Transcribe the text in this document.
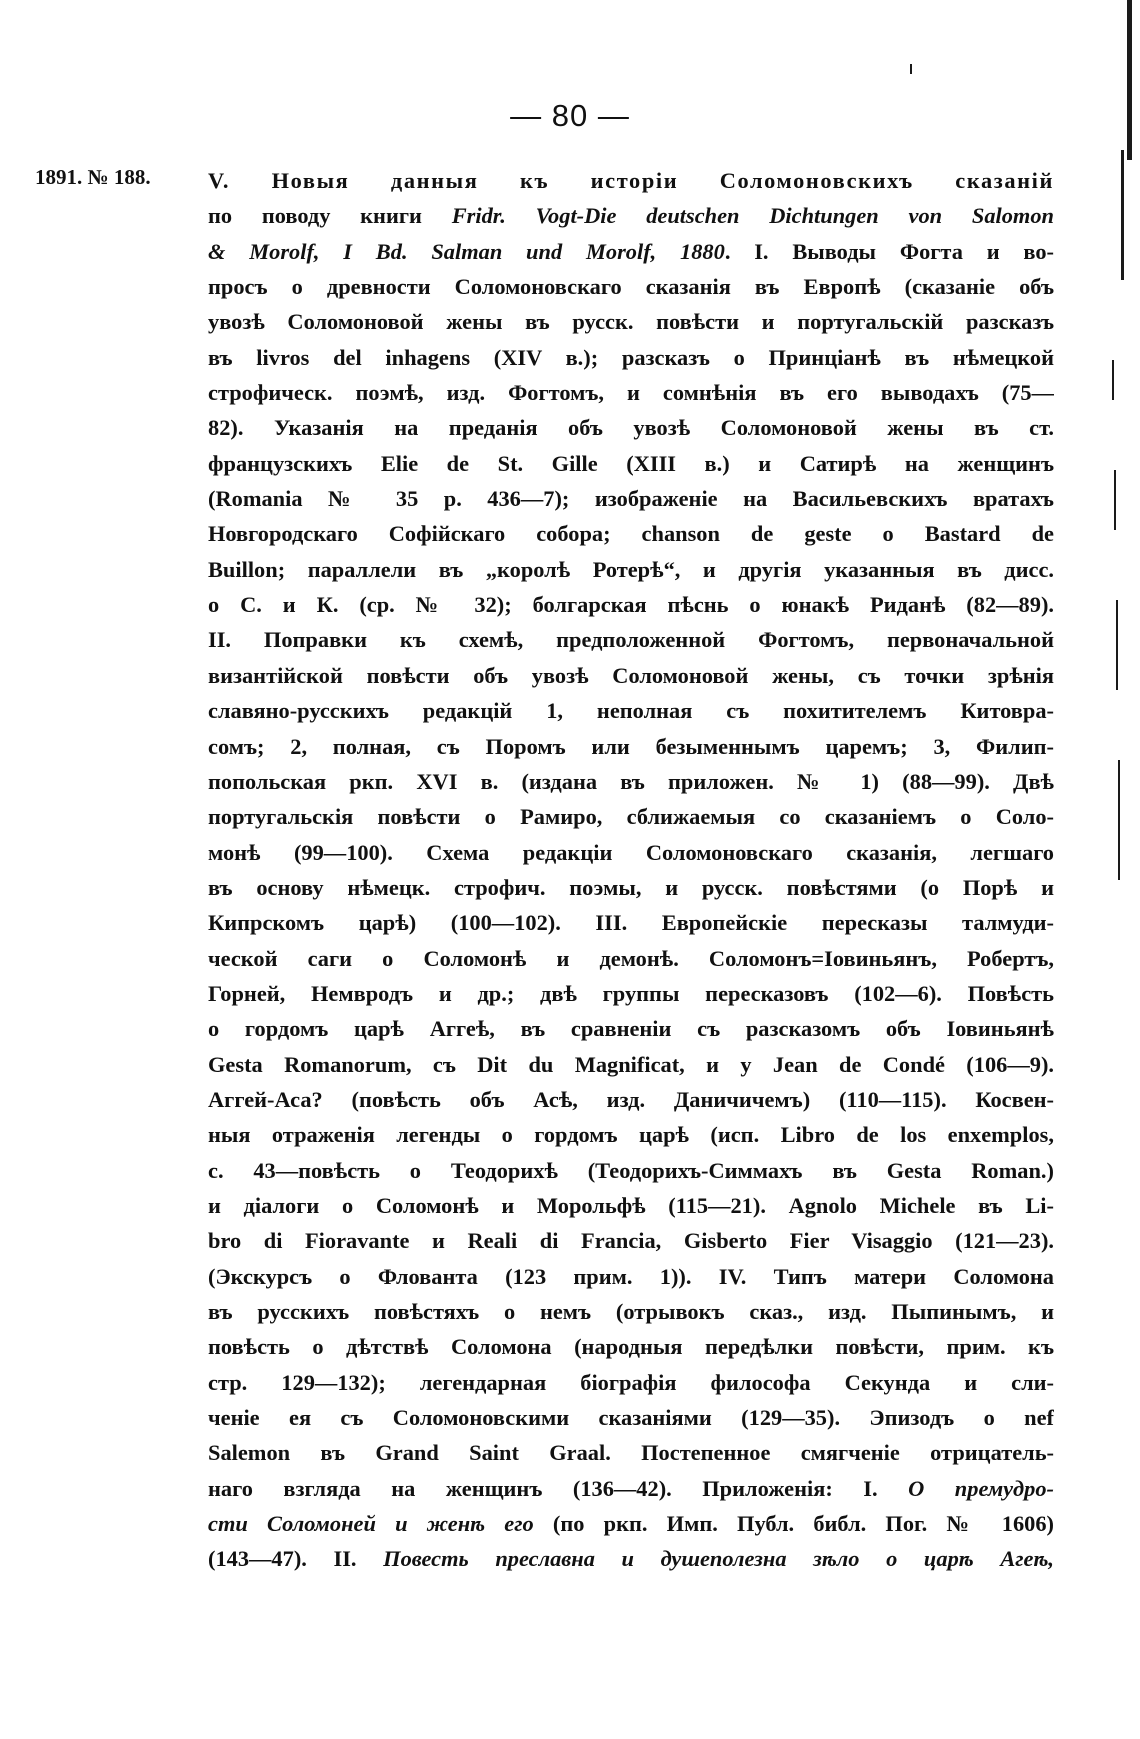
— 80 —
1891. № 188.	V. Новыя данныя къ исторіи Соломоновскихъ сказаній
по поводу книги Fridr. Vogt-Die deutschen Dichtungen von Salomon
& Morolf, I Bd. Salman und Morolf, 1880. I. Выводы Фогта и во-
просъ о древности Соломоновскаго сказанія въ Европѣ (сказаніе объ
увозѣ Соломоновой жены въ русск. повѣсти и португальскій разсказъ
въ livros del inhagens (XIV в.); разсказъ о Принціанѣ въ нѣмецкой
строфическ. поэмѣ, изд. Фогтомъ, и сомнѣнія въ его выводахъ (75—
82). Указанія на преданія объ увозѣ Соломоновой жены въ ст.
французскихъ Elie de St. Gille (XIII в.) и Сатирѣ на женщинъ
(Romania № 35 p. 436—7); изображеніе на Васильевскихъ вратахъ
Новгородскаго Софійскаго собора; chanson de geste o Bastard de
Buillon; параллели въ „королѣ Ротерѣ“, и другія указанныя въ дисс.
о С. и К. (ср. № 32); болгарская пѣснь о юнакѣ Риданѣ (82—89).
II. Поправки къ схемѣ, предположенной Фогтомъ, первоначальной
византійской повѣсти объ увозѣ Соломоновой жены, съ точки зрѣнія
славяно-русскихъ редакцій 1, неполная съ похитителемъ Китовра-
сомъ; 2, полная, съ Поромъ или безыменнымъ царемъ; 3, Филип-
попольская ркп. XVI в. (издана въ приложен. № 1) (88—99). Двѣ
португальскія повѣсти о Рамиро, сближаемыя со сказаніемъ о Соло-
монѣ (99—100). Схема редакціи Соломоновскаго сказанія, легшаго
въ основу нѣмецк. строфич. поэмы, и русск. повѣстями (о Порѣ и
Кипрскомъ царѣ) (100—102). III. Европейскіе пересказы талмуди-
ческой саги о Соломонѣ и демонѣ. Соломонъ=Іовиньянъ, Робертъ,
Горней, Немвродъ и др.; двѣ группы пересказовъ (102—6). Повѣсть
о гордомъ царѣ Аггеѣ, въ сравненіи съ разсказомъ объ Іовиньянѣ
Gesta Romanorum, съ Dit du Magnificat, и у Jean de Condé (106—9).
Аггей-Аса? (повѣсть объ Асѣ, изд. Даничичемъ) (110—115). Косвен-
ныя отраженія легенды о гордомъ царѣ (исп. Libro de los enxemplos,
c. 43—повѣсть о Теодорихѣ (Теодорихъ-Симмахъ въ Gesta Roman.)
и діалоги о Соломонѣ и Морольфѣ (115—21). Agnolo Michele въ Li-
bro di Fioravante и Reali di Francia, Gisberto Fier Visaggio (121—23).
(Экскурсъ о Флованта (123 прим. 1)). IV. Типъ матери Соломона
въ русскихъ повѣстяхъ о немъ (отрывокъ сказ., изд. Пыпинымъ, и
повѣсть о дѣтствѣ Соломона (народныя передѣлки повѣсти, прим. къ
стр. 129—132); легендарная біографія философа Секунда и сли-
ченіе ея съ Соломоновскими сказаніями (129—35). Эпизодъ о nef
Salemon въ Grand Saint Graal. Постепенное смягченіе отрицатель-
наго взгляда на женщинъ (136—42). Приложенія: I. О премудро-
сти Соломоней и женѣ его (по ркп. Имп. Публ. библ. Пог. № 1606)
(143—47). II. Повесть преславна и душеполезна зѣло о царѣ Агеѣ,
